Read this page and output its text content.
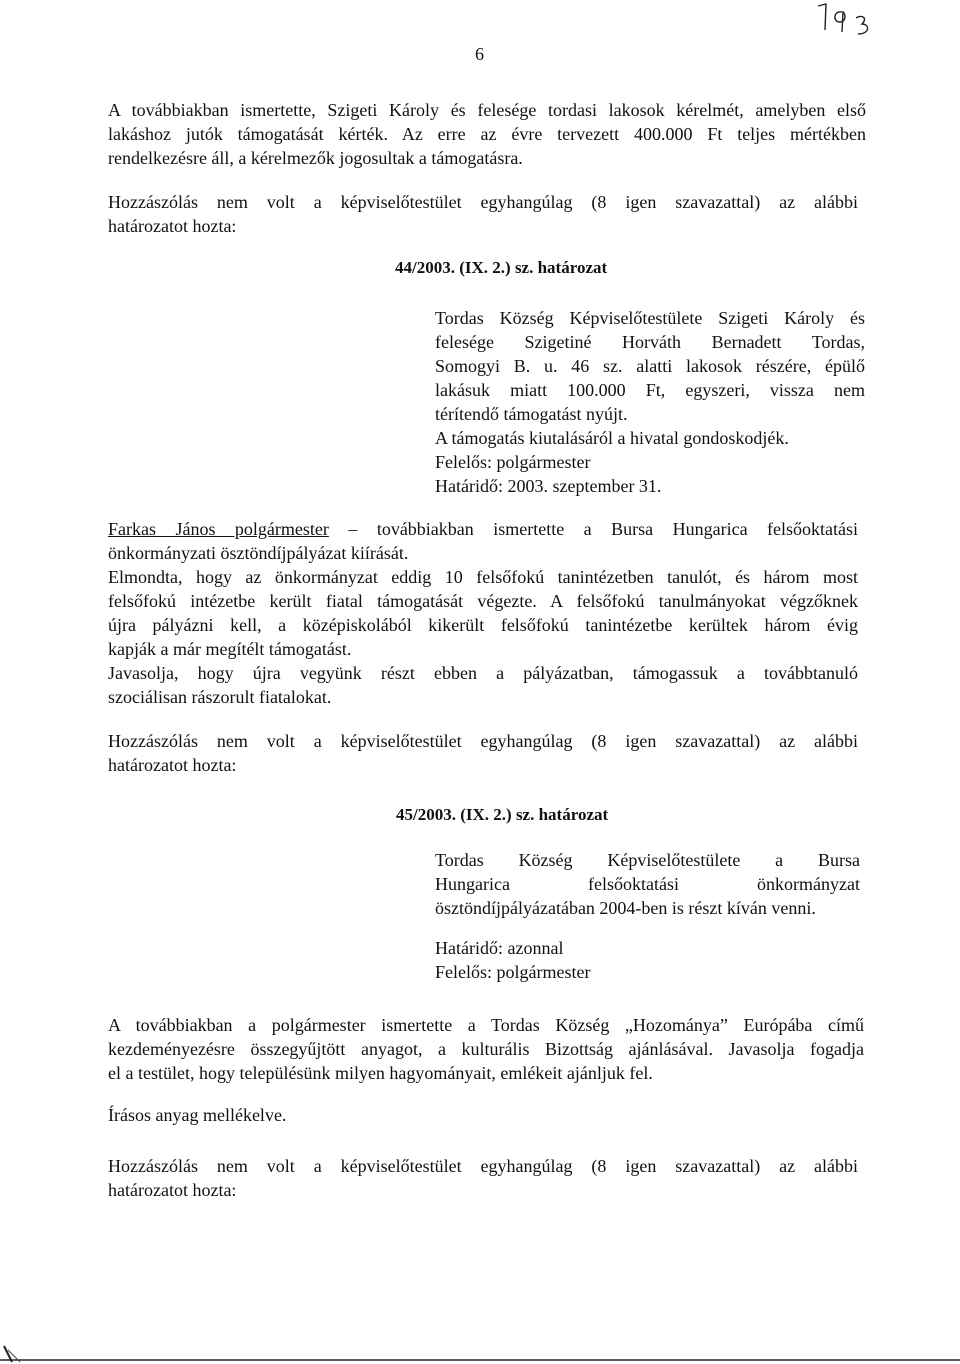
6
A továbbiakban ismertette, Szigeti Károly és felesége tordasi lakosok kérelmét, amelyben első
lakáshoz jutók támogatását kérték. Az erre az évre tervezett 400.000 Ft teljes mértékben
rendelkezésre áll, a kérelmezők jogosultak a támogatásra.
Hozzászólás nem volt a képviselőtestület egyhangúlag (8 igen szavazattal) az alábbi
határozatot hozta:
44/2003. (IX. 2.) sz. határozat
Tordas Község Képviselőtestülete Szigeti Károly és
felesége Szigetiné Horváth Bernadett Tordas,
Somogyi B. u. 46 sz. alatti lakosok részére, épülő
lakásuk miatt 100.000 Ft, egyszeri, vissza nem
térítendő támogatást nyújt.
A támogatás kiutalásáról a hivatal gondoskodjék.
Felelős: polgármester
Határidő: 2003. szeptember 31.
Farkas János polgármester – továbbiakban ismertette a Bursa Hungarica felsőoktatási
önkormányzati ösztöndíjpályázat kiírását.
Elmondta, hogy az önkormányzat eddig 10 felsőfokú tanintézetben tanulót, és három most
felsőfokú intézetbe került fiatal támogatását végezte. A felsőfokú tanulmányokat végzőknek
újra pályázni kell, a középiskolából kikerült felsőfokú tanintézetbe kerültek három évig
kapják a már megítélt támogatást.
Javasolja, hogy újra vegyünk részt ebben a pályázatban, támogassuk a továbbtanuló
szociálisan rászorult fiatalokat.
Hozzászólás nem volt a képviselőtestület egyhangúlag (8 igen szavazattal) az alábbi
határozatot hozta:
45/2003. (IX. 2.) sz. határozat
Tordas Község Képviselőtestülete a Bursa
Hungarica felsőoktatási önkormányzat
ösztöndíjpályázatában 2004-ben is részt kíván venni.
Határidő: azonnal
Felelős: polgármester
A továbbiakban a polgármester ismertette a Tordas Község „Hozománya” Európába című
kezdeményezésre összegyűjtött anyagot, a kulturális Bizottság ajánlásával. Javasolja fogadja
el a testület, hogy településünk milyen hagyományait, emlékeit ajánljuk fel.
Írásos anyag mellékelve.
Hozzászólás nem volt a képviselőtestület egyhangúlag (8 igen szavazattal) az alábbi
határozatot hozta:
